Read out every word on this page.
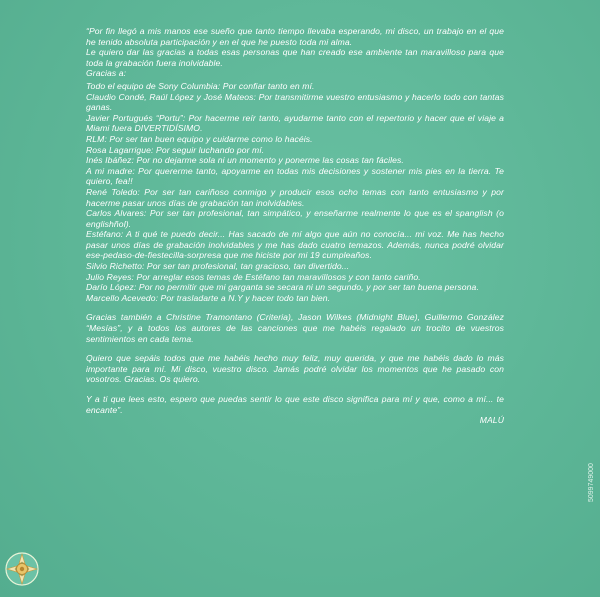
“Por fin llegó a mis manos ese sueño que tanto tiempo llevaba esperando, mi disco, un trabajo en el que he tenido absoluta participación y en el que he puesto toda mi alma.

Le quiero dar las gracias a todas esas personas que han creado ese ambiente tan maravilloso para que toda la grabación fuera inolvidable.

Gracias a:

Todo el equipo de Sony Columbia: Por confiar tanto en mí.

Claudio Condé, Raúl López y José Mateos: Por transmitirme vuestro entusiasmo y hacerlo todo con tantas ganas.

Javier Portugués “Portu”: Por hacerme reír tanto, ayudarme tanto con el repertorio y hacer que el viaje a Miami fuera DIVERTIDÍSIMO.

RLM: Por ser tan buen equipo y cuidarme como lo hacéis.

Rosa Lagarrigue: Por seguir luchando por mí.

Inés Ibáñez: Por no dejarme sola ni un momento y ponerme las cosas tan fáciles.

A mi madre: Por quererme tanto, apoyarme en todas mis decisiones y sostener mis pies en la tierra. Te quiero, fea!!

René Toledo: Por ser tan cariñoso conmigo y producir esos ocho temas con tanto entusiasmo y por hacerme pasar unos días de grabación tan inolvidables.

Carlos Alvares: Por ser tan profesional, tan simpático, y enseñarme realmente lo que es el spanglish (o englishñol).

Estéfano: A ti qué te puedo decir... Has sacado de mí algo que aún no conocía... mi voz. Me has hecho pasar unos días de grabación inolvidables y me has dado cuatro temazos. Además, nunca podré olvidar ese-pedaso-de-fiestecilla-sorpresa que me hiciste por mi 19 cumpleaños.

Silvio Richetto: Por ser tan profesional, tan gracioso, tan divertido...

Julio Reyes: Por arreglar esos temas de Estéfano tan maravillosos y con tanto cariño.

Darío López: Por no permitir que mi garganta se secara ni un segundo, y por ser tan buena persona.

Marcello Acevedo: Por trasladarte a N.Y y hacer todo tan bien.

Gracias también a Christine Tramontano (Criteria), Jason Wilkes (Midnight Blue), Guillermo González “Mesías”, y a todos los autores de las canciones que me habéis regalado un trocito de vuestros sentimientos en cada tema.

Quiero que sepáis todos que me habéis hecho muy feliz, muy querida, y que me habéis dado lo más importante para mí. Mi disco, vuestro disco. Jamás podré olvidar los momentos que he pasado con vosotros. Gracias. Os quiero.

Y a ti que lees esto, espero que puedas sentir lo que este disco significa para mí y que, como a mí... te encante”.

MALÚ

5099749000
